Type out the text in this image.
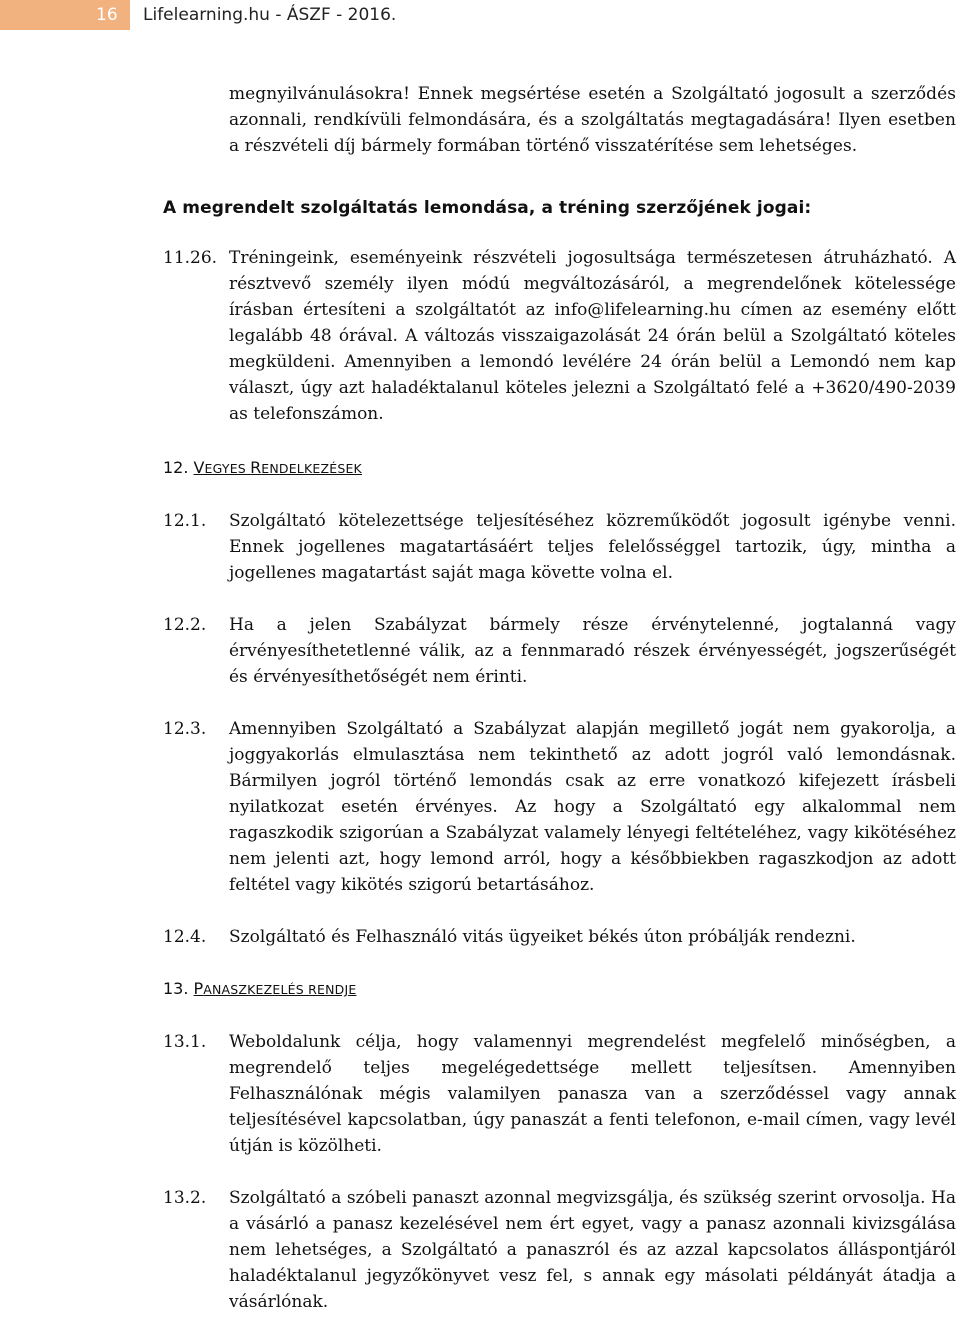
16	Lifelearning.hu - ÁSZF - 2016.
megnyilvánulásokra! Ennek megsértése esetén a Szolgáltató jogosult a szerződés azonnali, rendkívüli felmondására, és a szolgáltatás megtagadására! Ilyen esetben a részvételi díj bármely formában történő visszatérítése sem lehetséges.
A megrendelt szolgáltatás lemondása, a tréning szerzőjének jogai:
11.26. Tréningeink, eseményeink részvételi jogosultsága természetesen átruházható. A résztvevő személy ilyen módú megváltozásáról, a megrendelőnek kötelessége írásban értesíteni a szolgáltatót az info@lifelearning.hu címen az esemény előtt legalább 48 órával. A változás visszaigazolását 24 órán belül a Szolgáltató köteles megküldeni. Amennyiben a lemondó levélére 24 órán belül a Lemondó nem kap választ, úgy azt haladéktalanul köteles jelezni a Szolgáltató felé a +3620/490-2039 as telefonszámon.
12. VEGYES RENDELKEZÉSEK
12.1.	Szolgáltató kötelezettsége teljesítéséhez közreműködőt jogosult igénybe venni. Ennek jogellenes magatartásáért teljes felelősséggel tartozik, úgy, mintha a jogellenes magatartást saját maga követte volna el.
12.2.	Ha a jelen Szabályzat bármely része érvénytelenné, jogtalanná vagy érvényesíthetetlenné válik, az a fennmaradó részek érvényességét, jogszerűségét és érvényesíthetőségét nem érinti.
12.3.	Amennyiben Szolgáltató a Szabályzat alapján megillető jogát nem gyakorolja, a joggyakorlás elmulasztása nem tekinthető az adott jogról való lemondásnak. Bármilyen jogról történő lemondás csak az erre vonatkozó kifejezett írásbeli nyilatkozat esetén érvényes. Az hogy a Szolgáltató egy alkalommal nem ragaszkodik szigorúan a Szabályzat valamely lényegi feltételéhez, vagy kikötéséhez nem jelenti azt, hogy lemond arról, hogy a későbbiekben ragaszkodjon az adott feltétel vagy kikötés szigorú betartásához.
12.4.	Szolgáltató és Felhasználó vitás ügyeiket békés úton próbálják rendezni.
13. PANASZKEZELÉS RENDJE
13.1.	Weboldalunk célja, hogy valamennyi megrendelést megfelelő minőségben, a megrendelő teljes megelégedettsége mellett teljesítsen. Amennyiben Felhasználónak mégis valamilyen panasza van a szerződéssel vagy annak teljesítésével kapcsolatban, úgy panaszát a fenti telefonon, e-mail címen, vagy levél útján is közölheti.
13.2.	Szolgáltató a szóbeli panaszt azonnal megvizsgálja, és szükség szerint orvosolja. Ha a vásárló a panasz kezelésével nem ért egyet, vagy a panasz azonnali kivizsgálása nem lehetséges, a Szolgáltató a panaszról és az azzal kapcsolatos álláspontjáról haladéktalanul jegyzőkönyvet vesz fel, s annak egy másolati példányát átadja a vásárlónak.
